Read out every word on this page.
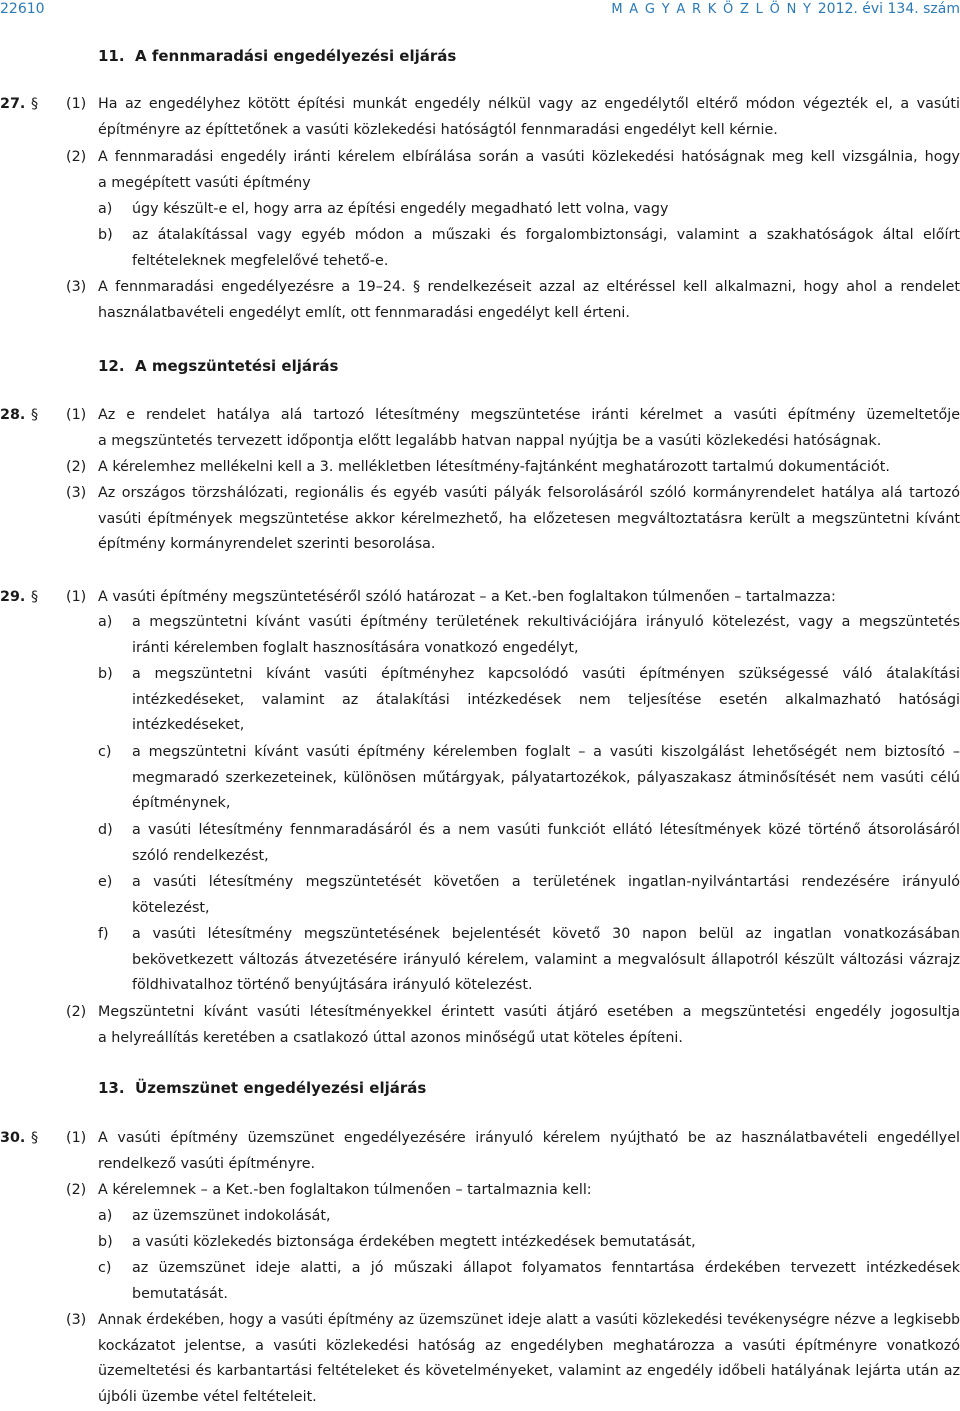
22610	M A G Y A R K Ö Z L Ö N Y 2012. évi 134. szám
11. A fennmaradási engedélyezési eljárás
27. § (1) Ha az engedélyhez kötött építési munkát engedély nélkül vagy az engedélytől eltérő módon végezték el, a vasúti
építményre az építtetőnek a vasúti közlekedési hatóságtól fennmaradási engedélyt kell kérnie.
(2) A fennmaradási engedély iránti kérelem elbírálása során a vasúti közlekedési hatóságnak meg kell vizsgálnia, hogy
a megépített vasúti építmény
a) úgy készült-e el, hogy arra az építési engedély megadható lett volna, vagy
b) az átalakítással vagy egyéb módon a műszaki és forgalombiztonsági, valamint a szakhatóságok által előírt
feltételeknek megfelelővé tehető-e.
(3) A fennmaradási engedélyezésre a 19–24. § rendelkezéseit azzal az eltéréssel kell alkalmazni, hogy ahol a rendelet
használatbavételi engedélyt említ, ott fennmaradási engedélyt kell érteni.
12. A megszüntetési eljárás
28. § (1) Az e rendelet hatálya alá tartozó létesítmény megszüntetése iránti kérelmet a vasúti építmény üzemeltetője
a megszüntetés tervezett időpontja előtt legalább hatvan nappal nyújtja be a vasúti közlekedési hatóságnak.
(2) A kérelemhez mellékelni kell a 3. mellékletben létesítmény-fajtánként meghatározott tartalmú dokumentációt.
(3) Az országos törzshálózati, regionális és egyéb vasúti pályák felsorolásáról szóló kormányrendelet hatálya alá tartozó
vasúti építmények megszüntetése akkor kérelmezhető, ha előzetesen megváltoztatásra került a megszüntetni kívánt
építmény kormányrendelet szerinti besorolása.
29. § (1) A vasúti építmény megszüntetéséről szóló határozat – a Ket.-ben foglaltakon túlmenően – tartalmazza:
a) a megszüntetni kívánt vasúti építmény területének rekultivációjára irányuló kötelezést, vagy a megszüntetés
iránti kérelemben foglalt hasznosítására vonatkozó engedélyt,
b) a megszüntetni kívánt vasúti építményhez kapcsolódó vasúti építményen szükségessé váló átalakítási
intézkedéseket, valamint az átalakítási intézkedések nem teljesítése esetén alkalmazható hatósági
intézkedéseket,
c) a megszüntetni kívánt vasúti építmény kérelemben foglalt – a vasúti kiszolgálást lehetőségét nem biztosító –
megmaradó szerkezeteinek, különösen műtárgyak, pályatartozékok, pályaszakasz átminősítését nem vasúti célú
építménynek,
d) a vasúti létesítmény fennmaradásáról és a nem vasúti funkciót ellátó létesítmények közé történő átsorolásáról
szóló rendelkezést,
e) a vasúti létesítmény megszüntetését követően a területének ingatlan-nyilvántartási rendezésére irányuló
kötelezést,
f) a vasúti létesítmény megszüntetésének bejelentését követő 30 napon belül az ingatlan vonatkozásában
bekövetkezett változás átvezetésére irányuló kérelem, valamint a megvalósult állapotról készült változási vázrajz
földhivatalhoz történő benyújtására irányuló kötelezést.
(2) Megszüntetni kívánt vasúti létesítményekkel érintett vasúti átjáró esetében a megszüntetési engedély jogosultja
a helyreállítás keretében a csatlakozó úttal azonos minőségű utat köteles építeni.
13. Üzemszünet engedélyezési eljárás
30. § (1) A vasúti építmény üzemszünet engedélyezésére irányuló kérelem nyújtható be az használatbavételi engedéllyel
rendelkező vasúti építményre.
(2) A kérelemnek – a Ket.-ben foglaltakon túlmenően – tartalmaznia kell:
a) az üzemszünet indokolását,
b) a vasúti közlekedés biztonsága érdekében megtett intézkedések bemutatását,
c) az üzemszünet ideje alatti, a jó műszaki állapot folyamatos fenntartása érdekében tervezett intézkedések
bemutatását.
(3) Annak érdekében, hogy a vasúti építmény az üzemszünet ideje alatt a vasúti közlekedési tevékenységre nézve a legkisebb
kockázatot jelentse, a vasúti közlekedési hatóság az engedélyben meghatározza a vasúti építményre vonatkozó
üzemeltetési és karbantartási feltételeket és követelményeket, valamint az engedély időbeli hatályának lejárta után az
újbóli üzembe vétel feltételeit.
